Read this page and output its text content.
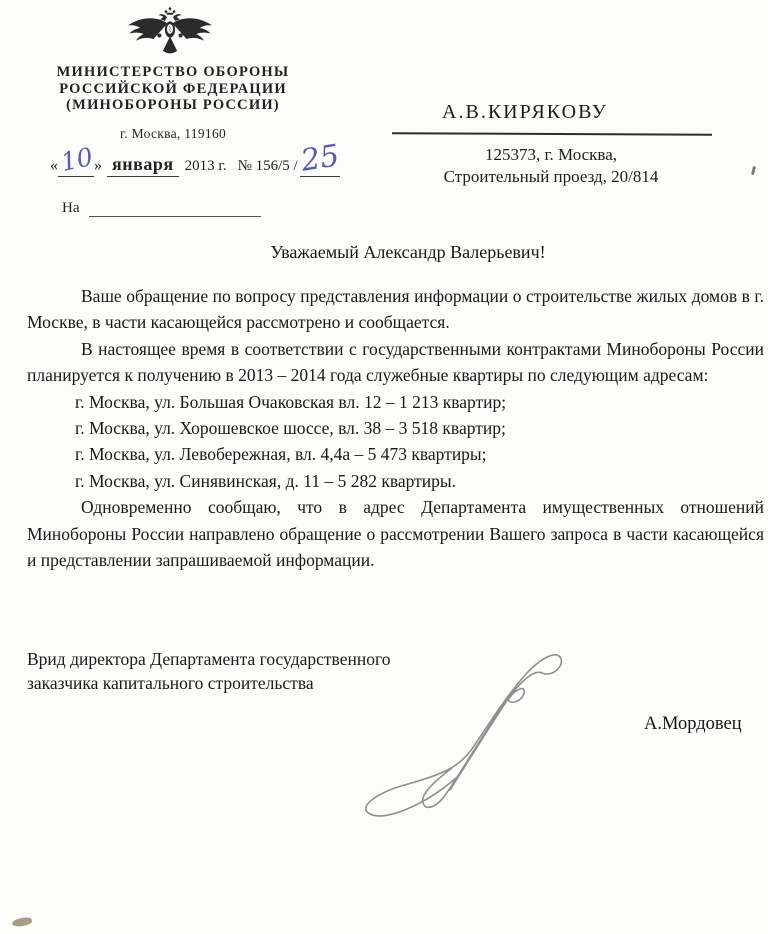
МИНИСТЕРСТВО ОБОРОНЫ
РОССИЙСКОЙ ФЕДЕРАЦИИ
(МИНОБОРОНЫ РОССИИ)
г. Москва, 119160
« 10
» января 2013 г. № 156/5 / 25
На
А.В.КИРЯКОВУ
125373, г. Москва,
Строительный проезд, 20/814
Уважаемый Александр Валерьевич!

Ваше обращение по вопросу представления информации о строительстве жилых домов в г. Москве, в части касающейся рассмотрено и сообщается.

В настоящее время в соответствии с государственными контрактами Минобороны России планируется к получению в 2013 – 2014 года служебные квартиры по следующим адресам:

г. Москва, ул. Большая Очаковская вл. 12 – 1 213 квартир;
г. Москва, ул. Хорошевское шоссе, вл. 38 – 3 518 квартир;
г. Москва, ул. Левобережная, вл. 4,4а – 5 473 квартиры;
г. Москва, ул. Синявинская, д. 11 – 5 282 квартиры.

Одновременно сообщаю, что в адрес Департамента имущественных отношений Минобороны России направлено обращение о рассмотрении Вашего запроса в части касающейся и представлении запрашиваемой информации.

Врид директора Департамента государственного
заказчика капитального строительства
А.Мордовец
